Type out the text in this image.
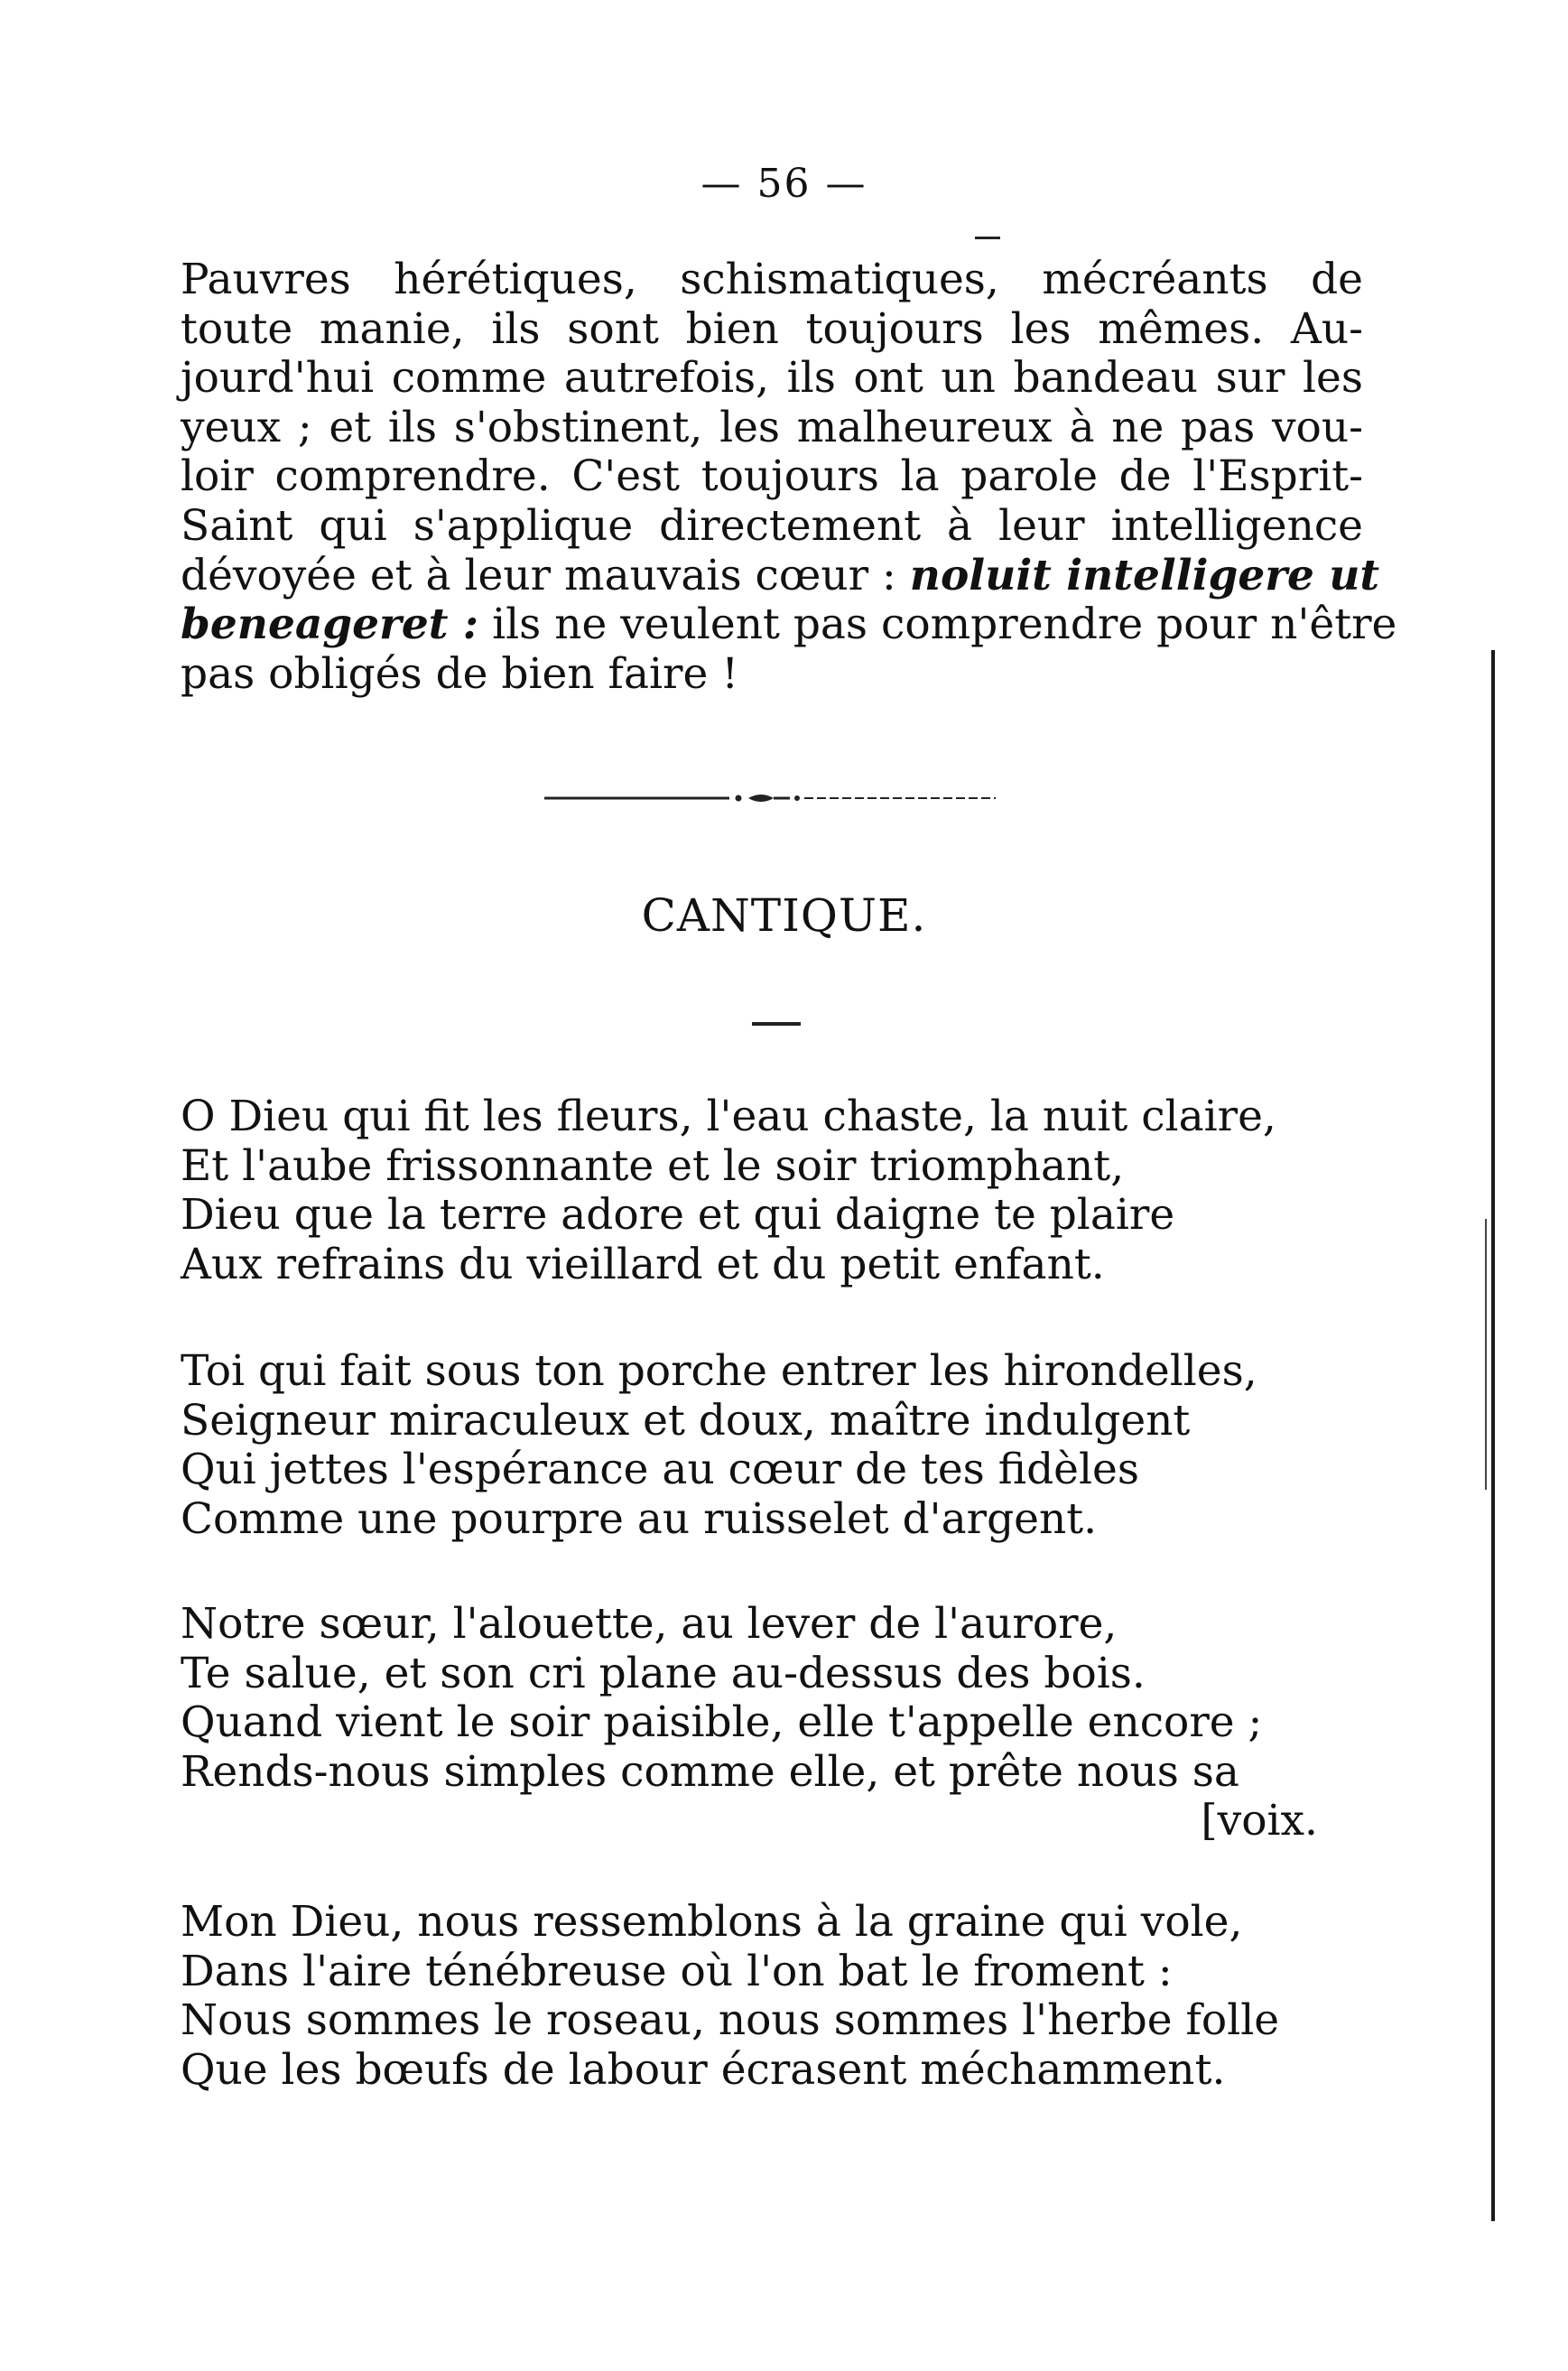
— 56 —
Pauvres hérétiques, schismatiques, mécréants de
toute manie, ils sont bien toujours les mêmes. Au-
jourd'hui comme autrefois, ils ont un bandeau sur les
yeux ; et ils s'obstinent, les malheureux à ne pas vou-
loir comprendre. C'est toujours la parole de l'Esprit-
Saint qui s'applique directement à leur intelligence
dévoyée et à leur mauvais cœur : noluit intelligere ut
beneageret : ils ne veulent pas comprendre pour n'être
pas obligés de bien faire !
CANTIQUE.
O Dieu qui fit les fleurs, l'eau chaste, la nuit claire,
Et l'aube frissonnante et le soir triomphant,
Dieu que la terre adore et qui daigne te plaire
Aux refrains du vieillard et du petit enfant.
Toi qui fait sous ton porche entrer les hirondelles,
Seigneur miraculeux et doux, maître indulgent
Qui jettes l'espérance au cœur de tes fidèles
Comme une pourpre au ruisselet d'argent.
Notre sœur, l'alouette, au lever de l'aurore,
Te salue, et son cri plane au-dessus des bois.
Quand vient le soir paisible, elle t'appelle encore ;
Rends-nous simples comme elle, et prête nous sa
[voix.
Mon Dieu, nous ressemblons à la graine qui vole,
Dans l'aire ténébreuse où l'on bat le froment :
Nous sommes le roseau, nous sommes l'herbe folle
Que les bœufs de labour écrasent méchamment.
